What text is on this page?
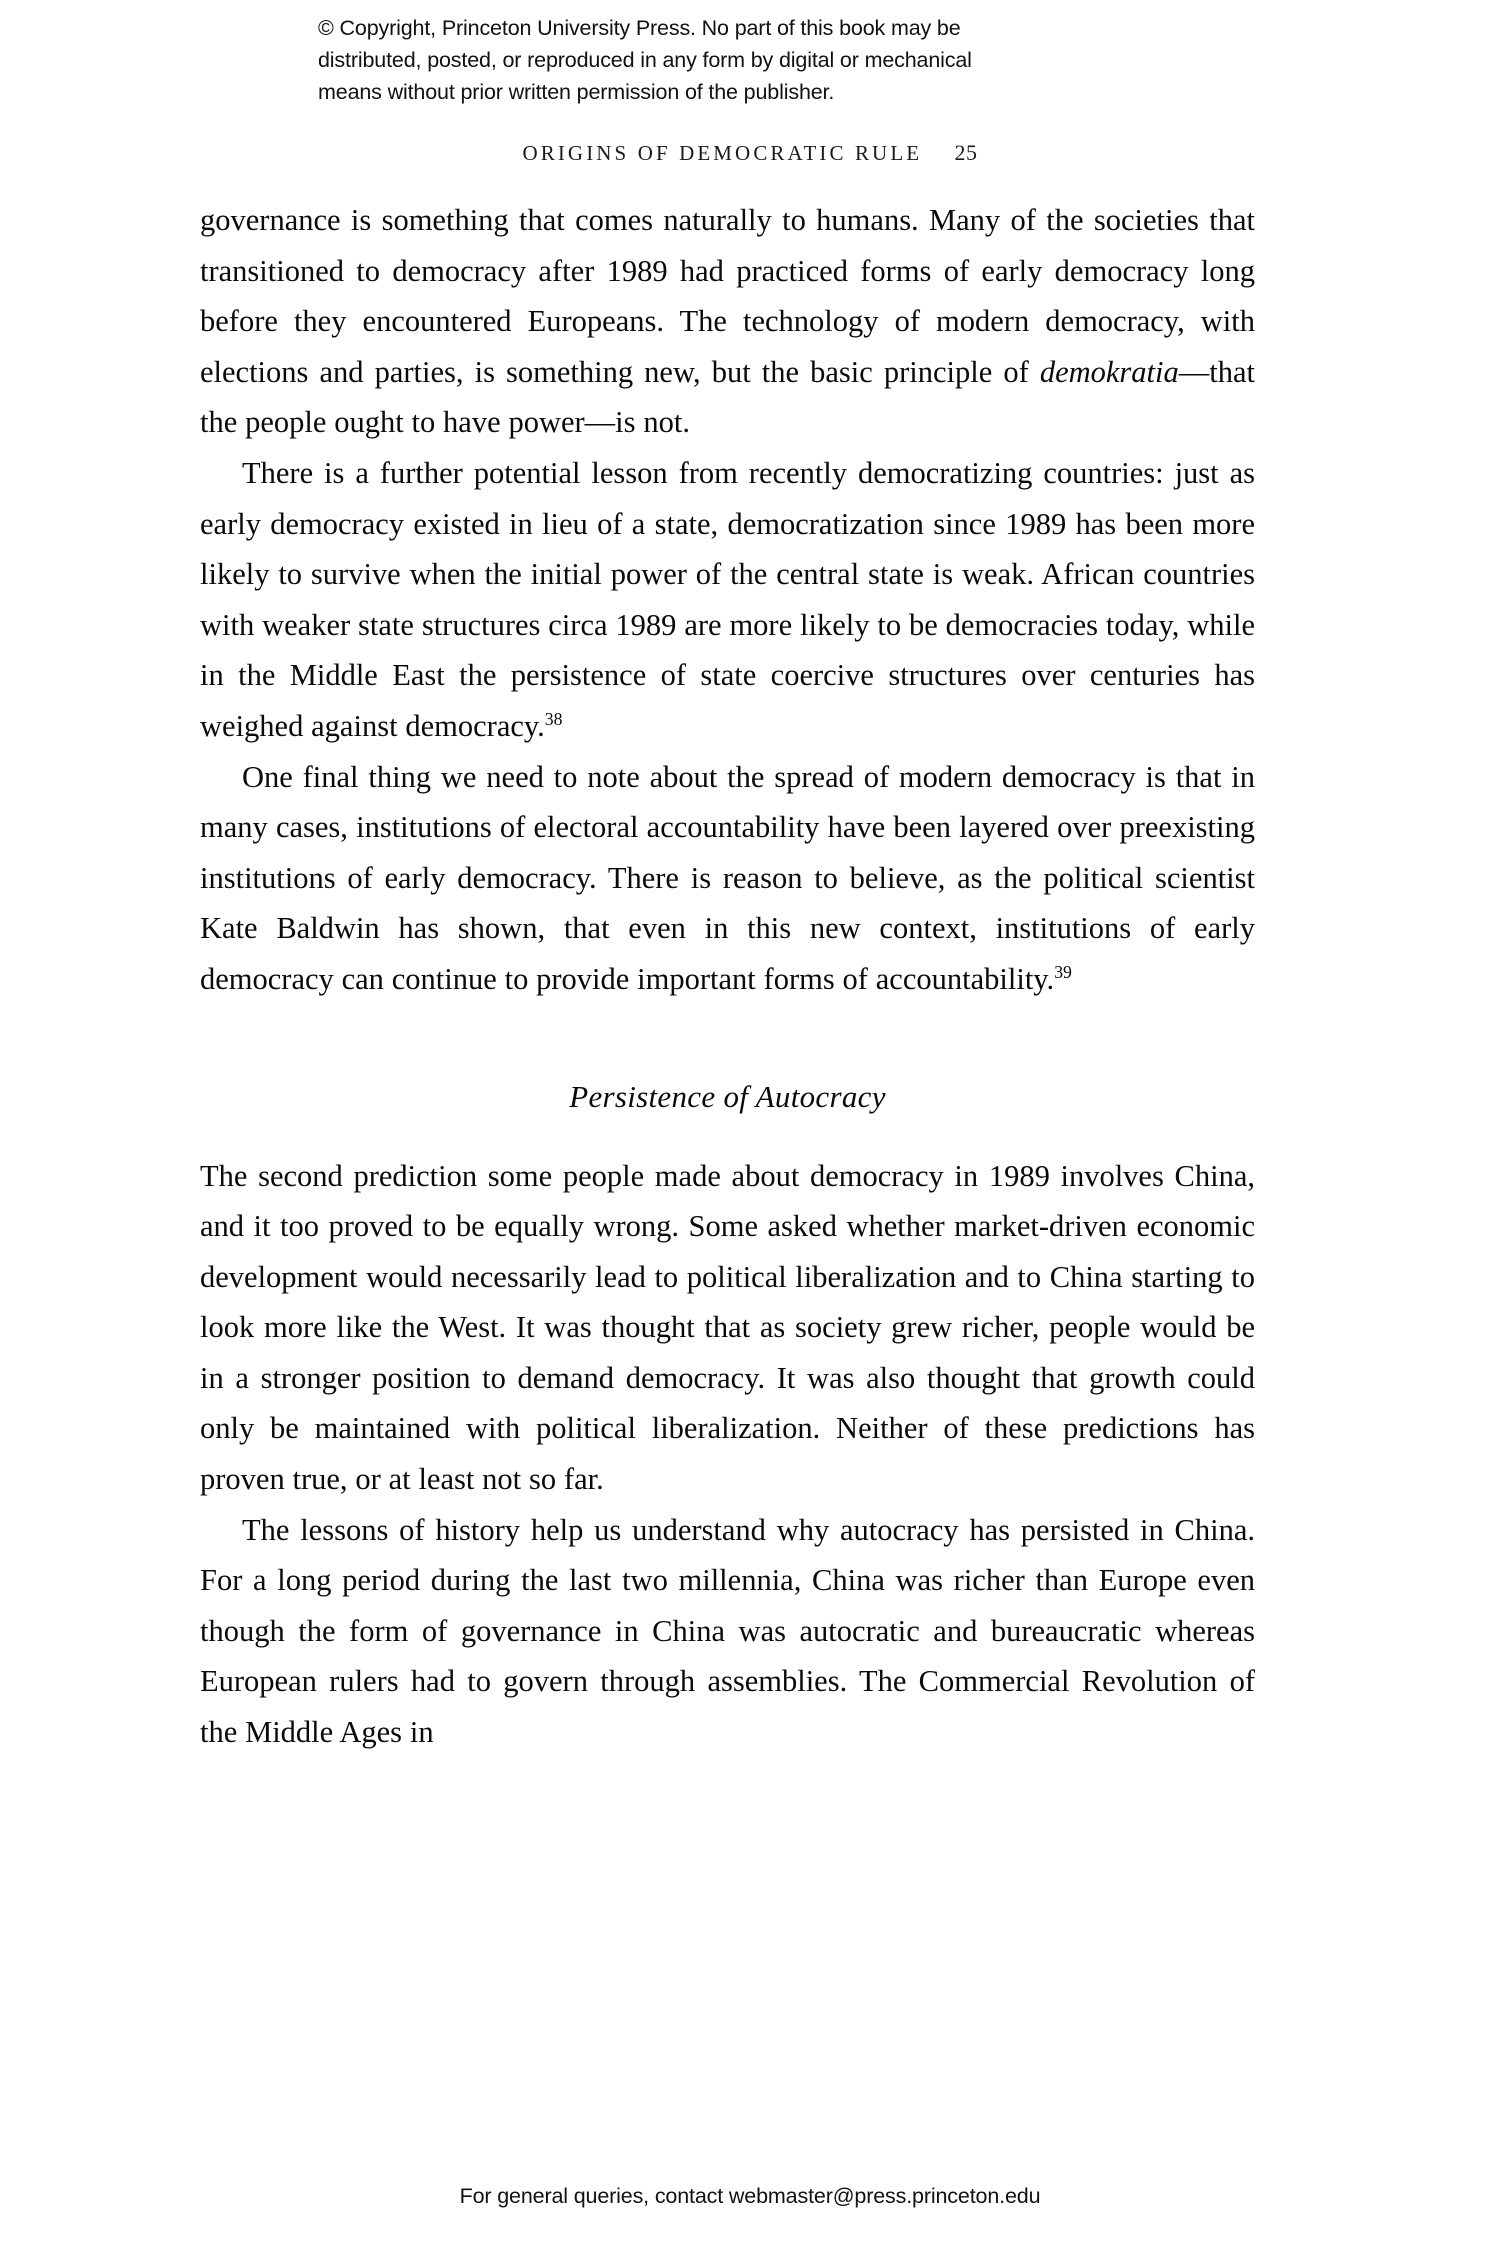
© Copyright, Princeton University Press. No part of this book may be
distributed, posted, or reproduced in any form by digital or mechanical
means without prior written permission of the publisher.
ORIGINS OF DEMOCRATIC RULE 25

governance is something that comes naturally to humans. Many of the societies that transitioned to democracy after 1989 had practiced forms of early democracy long before they encountered Europeans. The technology of modern democracy, with elections and parties, is something new, but the basic principle of demokratia—that the people ought to have power—is not.

There is a further potential lesson from recently democratizing countries: just as early democracy existed in lieu of a state, democratization since 1989 has been more likely to survive when the initial power of the central state is weak. African countries with weaker state structures circa 1989 are more likely to be democracies today, while in the Middle East the persistence of state coercive structures over centuries has weighed against democracy.$^{38}$

One final thing we need to note about the spread of modern democracy is that in many cases, institutions of electoral accountability have been layered over preexisting institutions of early democracy. There is reason to believe, as the political scientist Kate Baldwin has shown, that even in this new context, institutions of early democracy can continue to provide important forms of accountability.$^{39}$

Persistence of Autocracy

The second prediction some people made about democracy in 1989 involves China, and it too proved to be equally wrong. Some asked whether market-driven economic development would necessarily lead to political liberalization and to China starting to look more like the West. It was thought that as society grew richer, people would be in a stronger position to demand democracy. It was also thought that growth could only be maintained with political liberalization. Neither of these predictions has proven true, or at least not so far.

The lessons of history help us understand why autocracy has persisted in China. For a long period during the last two millennia, China was richer than Europe even though the form of governance in China was autocratic and bureaucratic whereas European rulers had to govern through assemblies. The Commercial Revolution of the Middle Ages in

For general queries, contact webmaster@press.princeton.edu
